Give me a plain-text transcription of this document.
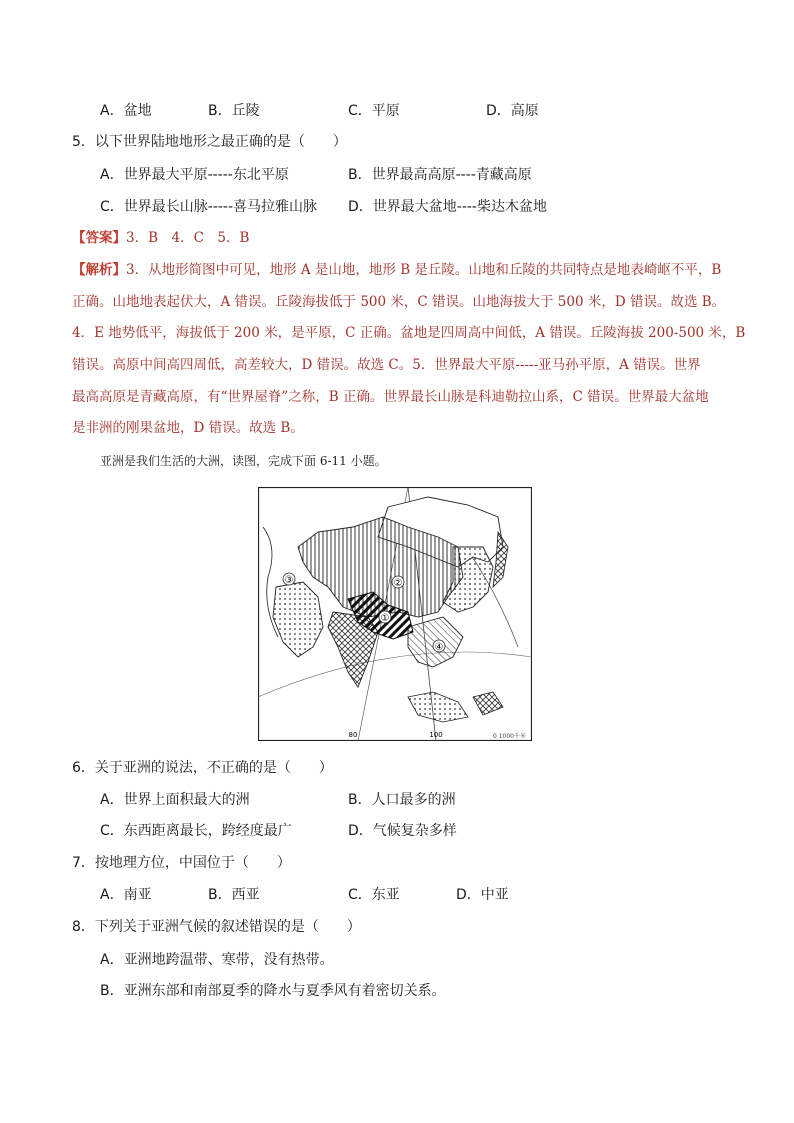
A．盆地	B．丘陵	C．平原	D．高原
5．以下世界陆地地形之最正确的是（　　）
A．世界最大平原-----东北平原	B．世界最高高原----青藏高原
C．世界最长山脉-----喜马拉雅山脉 D．世界最大盆地----柴达木盆地
【答案】3．B　4．C　5．B
【解析】3．从地形简图中可见，地形 A 是山地，地形 B 是丘陵。山地和丘陵的共同特点是地表崎岖不平，B
正确。山地地表起伏大，A 错误。丘陵海拔低于 500 米，C 错误。山地海拔大于 500 米，D 错误。故选 B。
4．E 地势低平，海拔低于 200 米，是平原，C 正确。盆地是四周高中间低，A 错误。丘陵海拔 200-500 米，B
错误。高原中间高四周低，高差较大，D 错误。故选 C。5．世界最大平原-----亚马孙平原，A 错误。世界
最高高原是青藏高原，有“世界屋脊”之称，B 正确。世界最长山脉是科迪勒拉山系，C 错误。世界最大盆地
是非洲的刚果盆地，D 错误。故选 B。
亚洲是我们生活的大洲，读图，完成下面 6-11 小题。
②
①
③
④
80	100	0 1000千米
6．关于亚洲的说法，不正确的是（　　）
A．世界上面积最大的洲	B．人口最多的洲
C．东西距离最长，跨经度最广	D．气候复杂多样
7．按地理方位，中国位于（　　）
A．南亚	B．西亚	C．东亚	D．中亚
8．下列关于亚洲气候的叙述错误的是（　　）
A．亚洲地跨温带、寒带，没有热带。
B．亚洲东部和南部夏季的降水与夏季风有着密切关系。
